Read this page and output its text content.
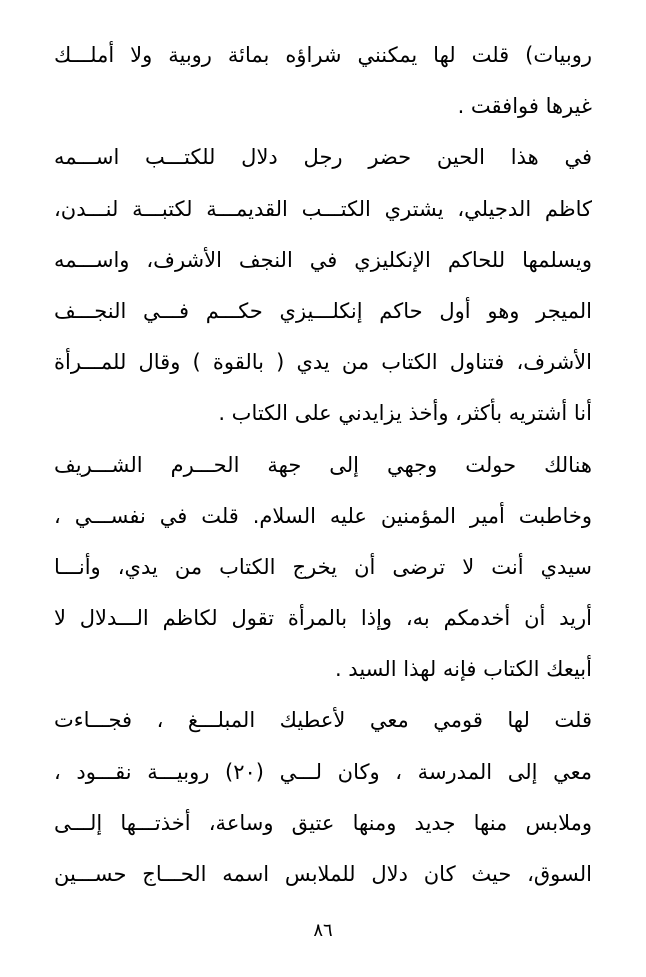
روبيات) قلت لها يمكنني شراؤه بمائة روبية ولا أملـــك
غيرها فوافقت .
في هذا الحين حضر رجل دلال للكتـــب اســـمه
كاظم الدجيلي، يشتري الكتـــب القديمـــة لكتبـــة لنـــدن،
ويسلمها للحاكم الإنكليزي في النجف الأشرف، واســـمه
الميجر وهو أول حاكم إنكلـــيزي حكـــم فـــي النجـــف
الأشرف، فتناول الكتاب من يدي ( بالقوة ) وقال للمـــرأة
أنا أشتريه بأكثر، وأخذ يزايدني على الكتاب .
هنالك حولت وجهي إلى جهة الحـــرم الشـــريف
وخاطبت أمير المؤمنين عليه السلام. قلت في نفســـي ،
سيدي أنت لا ترضى أن يخرج الكتاب من يدي، وأنـــا
أريد أن أخدمكم به، وإذا بالمرأة تقول لكاظم الـــدلال لا
أبيعك الكتاب فإنه لهذا السيد .
قلت لها قومي معي لأعطيك المبلـــغ ، فجـــاءت
معي إلى المدرسة ، وكان لـــي (٢٠) روبيـــة نقـــود ،
وملابس منها جديد ومنها عتيق وساعة، أخذتـــها إلـــى
السوق، حيث كان دلال للملابس اسمه الحـــاج حســـين
٨٦
